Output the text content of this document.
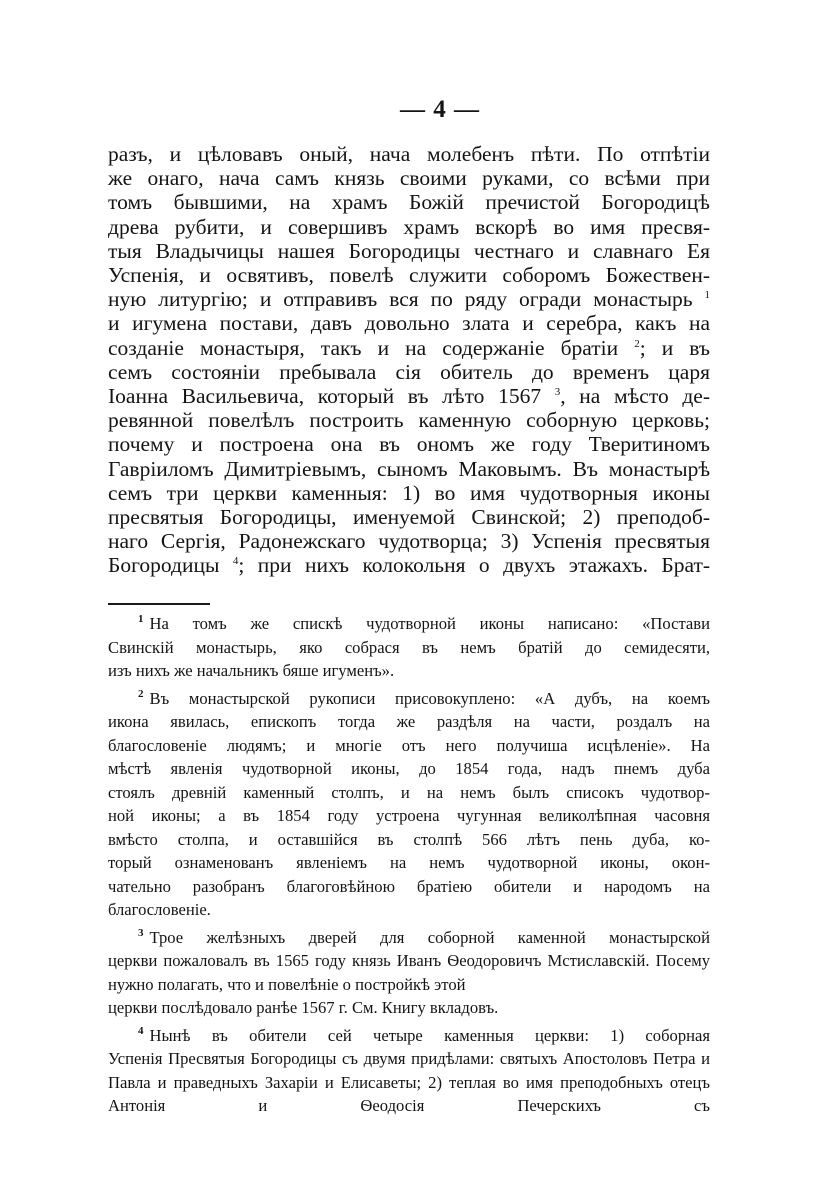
— 4 —
разъ, и цѣловавъ оный, нача молебенъ пѣти. По отпѣтіи
же онаго, нача самъ князь своими руками, со всѣми при
томъ бывшими, на храмъ Божій пречистой Богородицѣ
древа рубити, и совершивъ храмъ вскорѣ во имя пресвя-
тыя Владычицы нашея Богородицы честнаго и славнаго Ея
Успенія, и освятивъ, повелѣ служити соборомъ Божествен-
ную литургію; и отправивъ вся по ряду огради монастырь $^1$
и игумена постави, давъ довольно злата и серебра, какъ на
созданіе монастыря, такъ и на содержаніе братіи $^2$; и въ
семъ состояніи пребывала сія обитель до временъ царя
Іоанна Васильевича, который въ лѣто 1567 $^3$, на мѣсто де-
ревянной повелѣлъ построить каменную соборную церковь;
почему и построена она въ ономъ же году Тверитиномъ
Гавріиломъ Димитріевымъ, сыномъ Маковымъ. Въ монастырѣ
семъ три церкви каменныя: 1) во имя чудотворныя иконы
пресвятыя Богородицы, именуемой Свинской; 2) преподоб-
наго Сергія, Радонежскаго чудотворца; 3) Успенія пресвятыя
Богородицы $^4$; при нихъ колокольня о двухъ этажахъ. Брат-
$^1$ На томъ же спискѣ чудотворной иконы написано: «Постави
Свинскій монастырь, яко собрася въ немъ братій до семидесяти,
изъ нихъ же начальникъ бяше игуменъ».
$^2$ Въ монастырской рукописи присовокуплено: «А дубъ, на коемъ
икона явилась, епископъ тогда же раздѣля на части, роздалъ на
благословеніе людямъ; и многіе отъ него получиша исцѣленіе». На
мѣстѣ явленія чудотворной иконы, до 1854 года, надъ пнемъ дуба
стоялъ древній каменный столпъ, и на немъ былъ списокъ чудотвор-
ной иконы; а въ 1854 году устроена чугунная великолѣпная часовня
вмѣсто столпа, и оставшійся въ столпѣ 566 лѣтъ пень дуба, ко-
торый ознаменованъ явленіемъ на немъ чудотворной иконы, окон-
чательно разобранъ благоговѣйною братіею обители и народомъ на
благословеніе.
$^3$ Трое желѣзныхъ дверей для соборной каменной монастырской
церкви пожаловалъ въ 1565 году князь Иванъ Ѳеодоровичъ Мстиславскій. Посему нужно полагать, что и повелѣніе о постройкѣ этой
церкви послѣдовало ранѣе 1567 г. См. Книгу вкладовъ.
$^4$ Нынѣ въ обители сей четыре каменныя церкви: 1) соборная
Успенія Пресвятыя Богородицы съ двумя придѣлами: святыхъ Апостоловъ Петра и Павла и праведныхъ Захаріи и Елисаветы; 2) теплая во имя преподобныхъ отецъ Антонія и Ѳеодосія Печерскихъ съ
